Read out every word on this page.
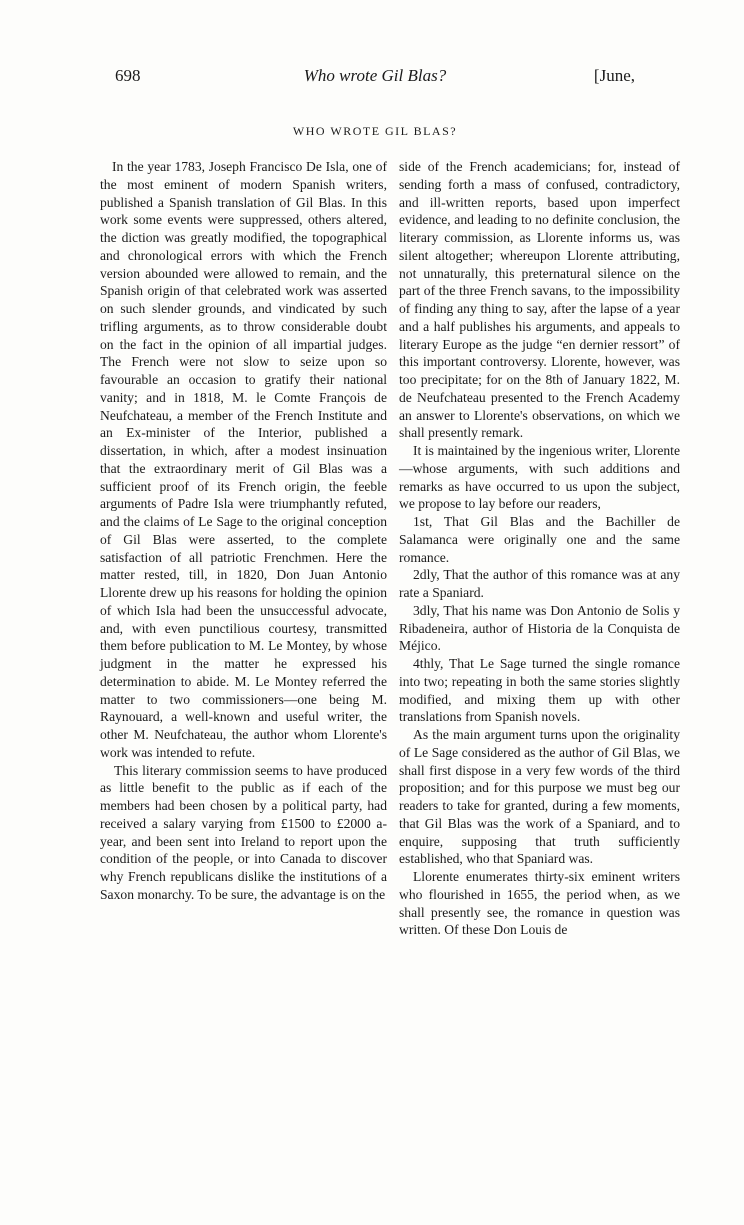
698	Who wrote Gil Blas?	[June,
WHO WROTE GIL BLAS?

In the year 1783, Joseph Francisco De Isla, one of the most eminent of modern Spanish writers, published a Spanish translation of Gil Blas. In this work some events were suppressed, others altered, the diction was greatly modified, the topographical and chronological errors with which the French version abounded were allowed to remain, and the Spanish origin of that celebrated work was asserted on such slender grounds, and vindicated by such trifling arguments, as to throw considerable doubt on the fact in the opinion of all impartial judges. The French were not slow to seize upon so favourable an occasion to gratify their national vanity; and in 1818, M. le Comte François de Neufchateau, a member of the French Institute and an Ex-minister of the Interior, published a dissertation, in which, after a modest insinuation that the extraordinary merit of Gil Blas was a sufficient proof of its French origin, the feeble arguments of Padre Isla were triumphantly refuted, and the claims of Le Sage to the original conception of Gil Blas were asserted, to the complete satisfaction of all patriotic Frenchmen. Here the matter rested, till, in 1820, Don Juan Antonio Llorente drew up his reasons for holding the opinion of which Isla had been the unsuccessful advocate, and, with even punctilious courtesy, transmitted them before publication to M. Le Montey, by whose judgment in the matter he expressed his determination to abide. M. Le Montey referred the matter to two commissioners—one being M. Raynouard, a well-known and useful writer, the other M. Neufchateau, the author whom Llorente's work was intended to refute.

This literary commission seems to have produced as little benefit to the public as if each of the members had been chosen by a political party, had received a salary varying from £1500 to £2000 a-year, and been sent into Ireland to report upon the condition of the people, or into Canada to discover why French republicans dislike the institutions of a Saxon monarchy. To be sure, the advantage is on the

side of the French academicians; for, instead of sending forth a mass of confused, contradictory, and ill-written reports, based upon imperfect evidence, and leading to no definite conclusion, the literary commission, as Llorente informs us, was silent altogether; whereupon Llorente attributing, not unnaturally, this preternatural silence on the part of the three French savans, to the impossibility of finding any thing to say, after the lapse of a year and a half publishes his arguments, and appeals to literary Europe as the judge “en dernier ressort” of this important controversy. Llorente, however, was too precipitate; for on the 8th of January 1822, M. de Neufchateau presented to the French Academy an answer to Llorente's observations, on which we shall presently remark.

It is maintained by the ingenious writer, Llorente—whose arguments, with such additions and remarks as have occurred to us upon the subject, we propose to lay before our readers,

1st, That Gil Blas and the Bachiller de Salamanca were originally one and the same romance.

2dly, That the author of this romance was at any rate a Spaniard.

3dly, That his name was Don Antonio de Solis y Ribadeneira, author of Historia de la Conquista de Méjico.

4thly, That Le Sage turned the single romance into two; repeating in both the same stories slightly modified, and mixing them up with other translations from Spanish novels.

As the main argument turns upon the originality of Le Sage considered as the author of Gil Blas, we shall first dispose in a very few words of the third proposition; and for this purpose we must beg our readers to take for granted, during a few moments, that Gil Blas was the work of a Spaniard, and to enquire, supposing that truth sufficiently established, who that Spaniard was.

Llorente enumerates thirty-six eminent writers who flourished in 1655, the period when, as we shall presently see, the romance in question was written. Of these Don Louis de
